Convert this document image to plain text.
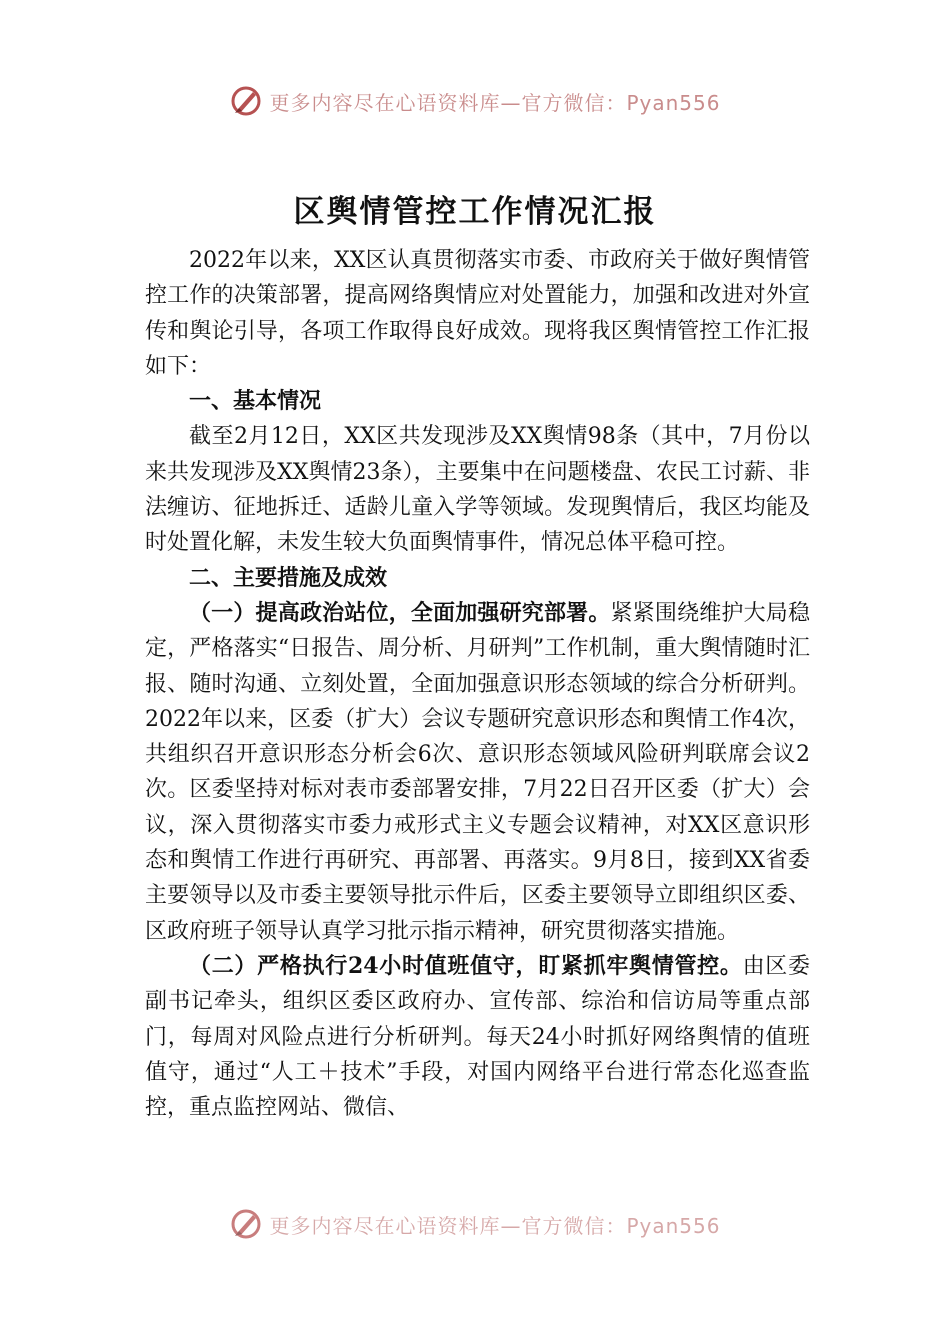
更多内容尽在心语资料库—官方微信：Pyan556
区舆情管控工作情况汇报

2022年以来，XX区认真贯彻落实市委、市政府关于做好舆情管控工作的决策部署，提高网络舆情应对处置能力，加强和改进对外宣传和舆论引导，各项工作取得良好成效。现将我区舆情管控工作汇报如下：

一、基本情况

截至2月12日，XX区共发现涉及XX舆情98条（其中，7月份以来共发现涉及XX舆情23条），主要集中在问题楼盘、农民工讨薪、非法缠访、征地拆迁、适龄儿童入学等领域。发现舆情后，我区均能及时处置化解，未发生较大负面舆情事件，情况总体平稳可控。

二、主要措施及成效

（一）提高政治站位，全面加强研究部署。紧紧围绕维护大局稳定，严格落实“日报告、周分析、月研判”工作机制，重大舆情随时汇报、随时沟通、立刻处置，全面加强意识形态领域的综合分析研判。2022年以来，区委（扩大）会议专题研究意识形态和舆情工作4次，共组织召开意识形态分析会6次、意识形态领域风险研判联席会议2次。区委坚持对标对表市委部署安排，7月22日召开区委（扩大）会议，深入贯彻落实市委力戒形式主义专题会议精神，对XX区意识形态和舆情工作进行再研究、再部署、再落实。9月8日，接到XX省委主要领导以及市委主要领导批示件后，区委主要领导立即组织区委、区政府班子领导认真学习批示指示精神，研究贯彻落实措施。

（二）严格执行24小时值班值守，盯紧抓牢舆情管控。由区委副书记牵头，组织区委区政府办、宣传部、综治和信访局等重点部门，每周对风险点进行分析研判。每天24小时抓好网络舆情的值班值守，通过“人工＋技术”手段，对国内网络平台进行常态化巡查监控，重点监控网站、微信、

更多内容尽在心语资料库—官方微信：Pyan556
